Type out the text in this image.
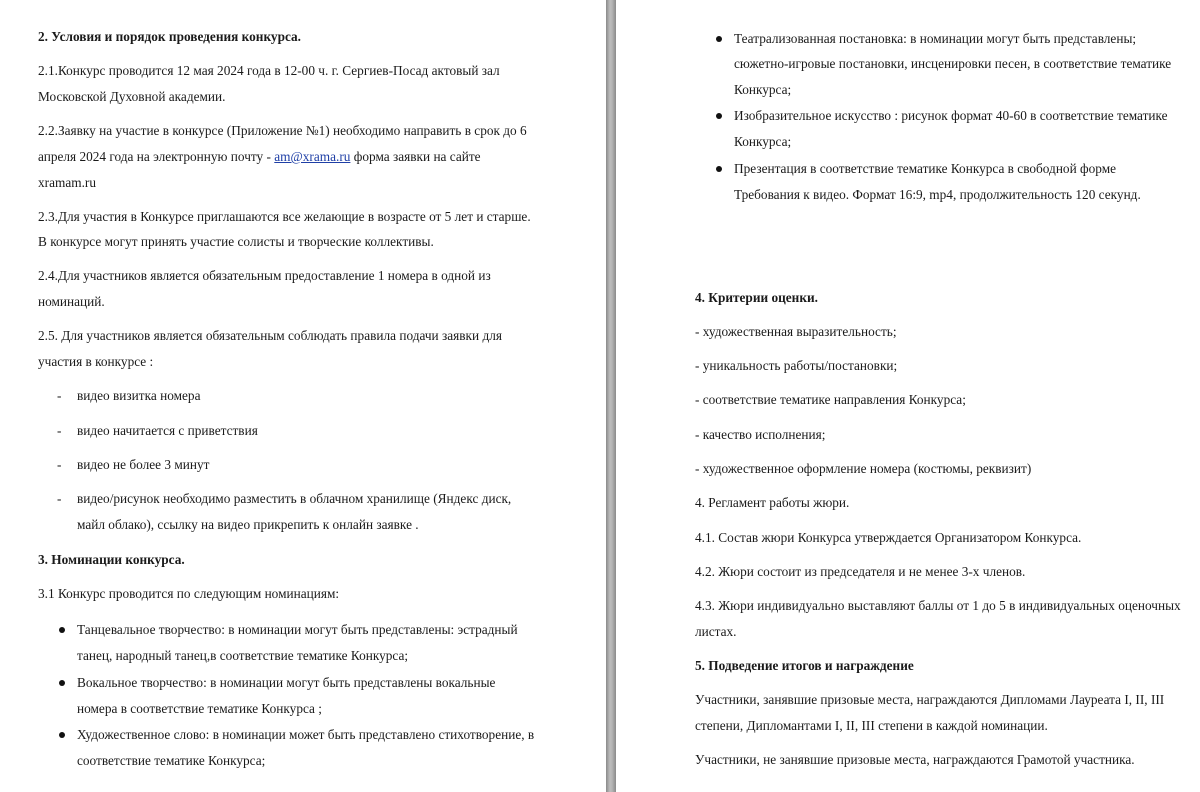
2. Условия и порядок проведения конкурса.
2.1.Конкурс проводится 12 мая 2024 года в 12-00 ч. г. Сергиев-Посад актовый зал
Московской Духовной академии.
2.2.Заявку на участие в конкурсе (Приложение №1) необходимо направить в срок до 6
апреля 2024 года на электронную почту - am@xrama.ru форма заявки на сайте
xramam.ru
2.3.Для участия в Конкурсе приглашаются все желающие в возрасте от 5 лет и старше.
В конкурсе могут принять участие солисты и творческие коллективы.
2.4.Для участников является обязательным предоставление 1 номера в одной из
номинаций.
2.5. Для участников является обязательным соблюдать правила подачи заявки для
участия в конкурсе :
- видео визитка номера
- видео начитается с приветствия
- видео не более 3 минут
- видео/рисунок необходимо разместить в облачном хранилище (Яндекс диск,
майл облако), ссылку на видео прикрепить к онлайн заявке .
3. Номинации конкурса.
3.1 Конкурс проводится по следующим номинациям:
Танцевальное творчество: в номинации могут быть представлены: эстрадный
танец, народный танец,в соответствие тематике Конкурса;
Вокальное творчество: в номинации могут быть представлены вокальные
номера в соответствие тематике Конкурса ;
Художественное слово: в номинации может быть представлено стихотворение, в
соответствие тематике Конкурса;
Театрализованная постановка: в номинации могут быть представлены;
сюжетно-игровые постановки, инсценировки песен, в соответствие тематике
Конкурса;
Изобразительное искусство : рисунок формат 40-60 в соответствие тематике
Конкурса;
Презентация в соответствие тематике Конкурса в свободной форме
Требования к видео. Формат 16:9, mp4, продолжительность 120 секунд.
4. Критерии оценки.
- художественная выразительность;
- уникальность работы/постановки;
- соответствие тематике направления Конкурса;
- качество исполнения;
- художественное оформление номера (костюмы, реквизит)
4. Регламент работы жюри.
4.1. Состав жюри Конкурса утверждается Организатором Конкурса.
4.2. Жюри состоит из председателя и не менее 3-х членов.
4.3. Жюри индивидуально выставляют баллы от 1 до 5 в индивидуальных оценочных
листах.
5. Подведение итогов и награждение
Участники, занявшие призовые места, награждаются Дипломами Лауреата I, II, III
степени, Дипломантами I, II, III степени в каждой номинации.
Участники, не занявшие призовые места, награждаются Грамотой участника.
